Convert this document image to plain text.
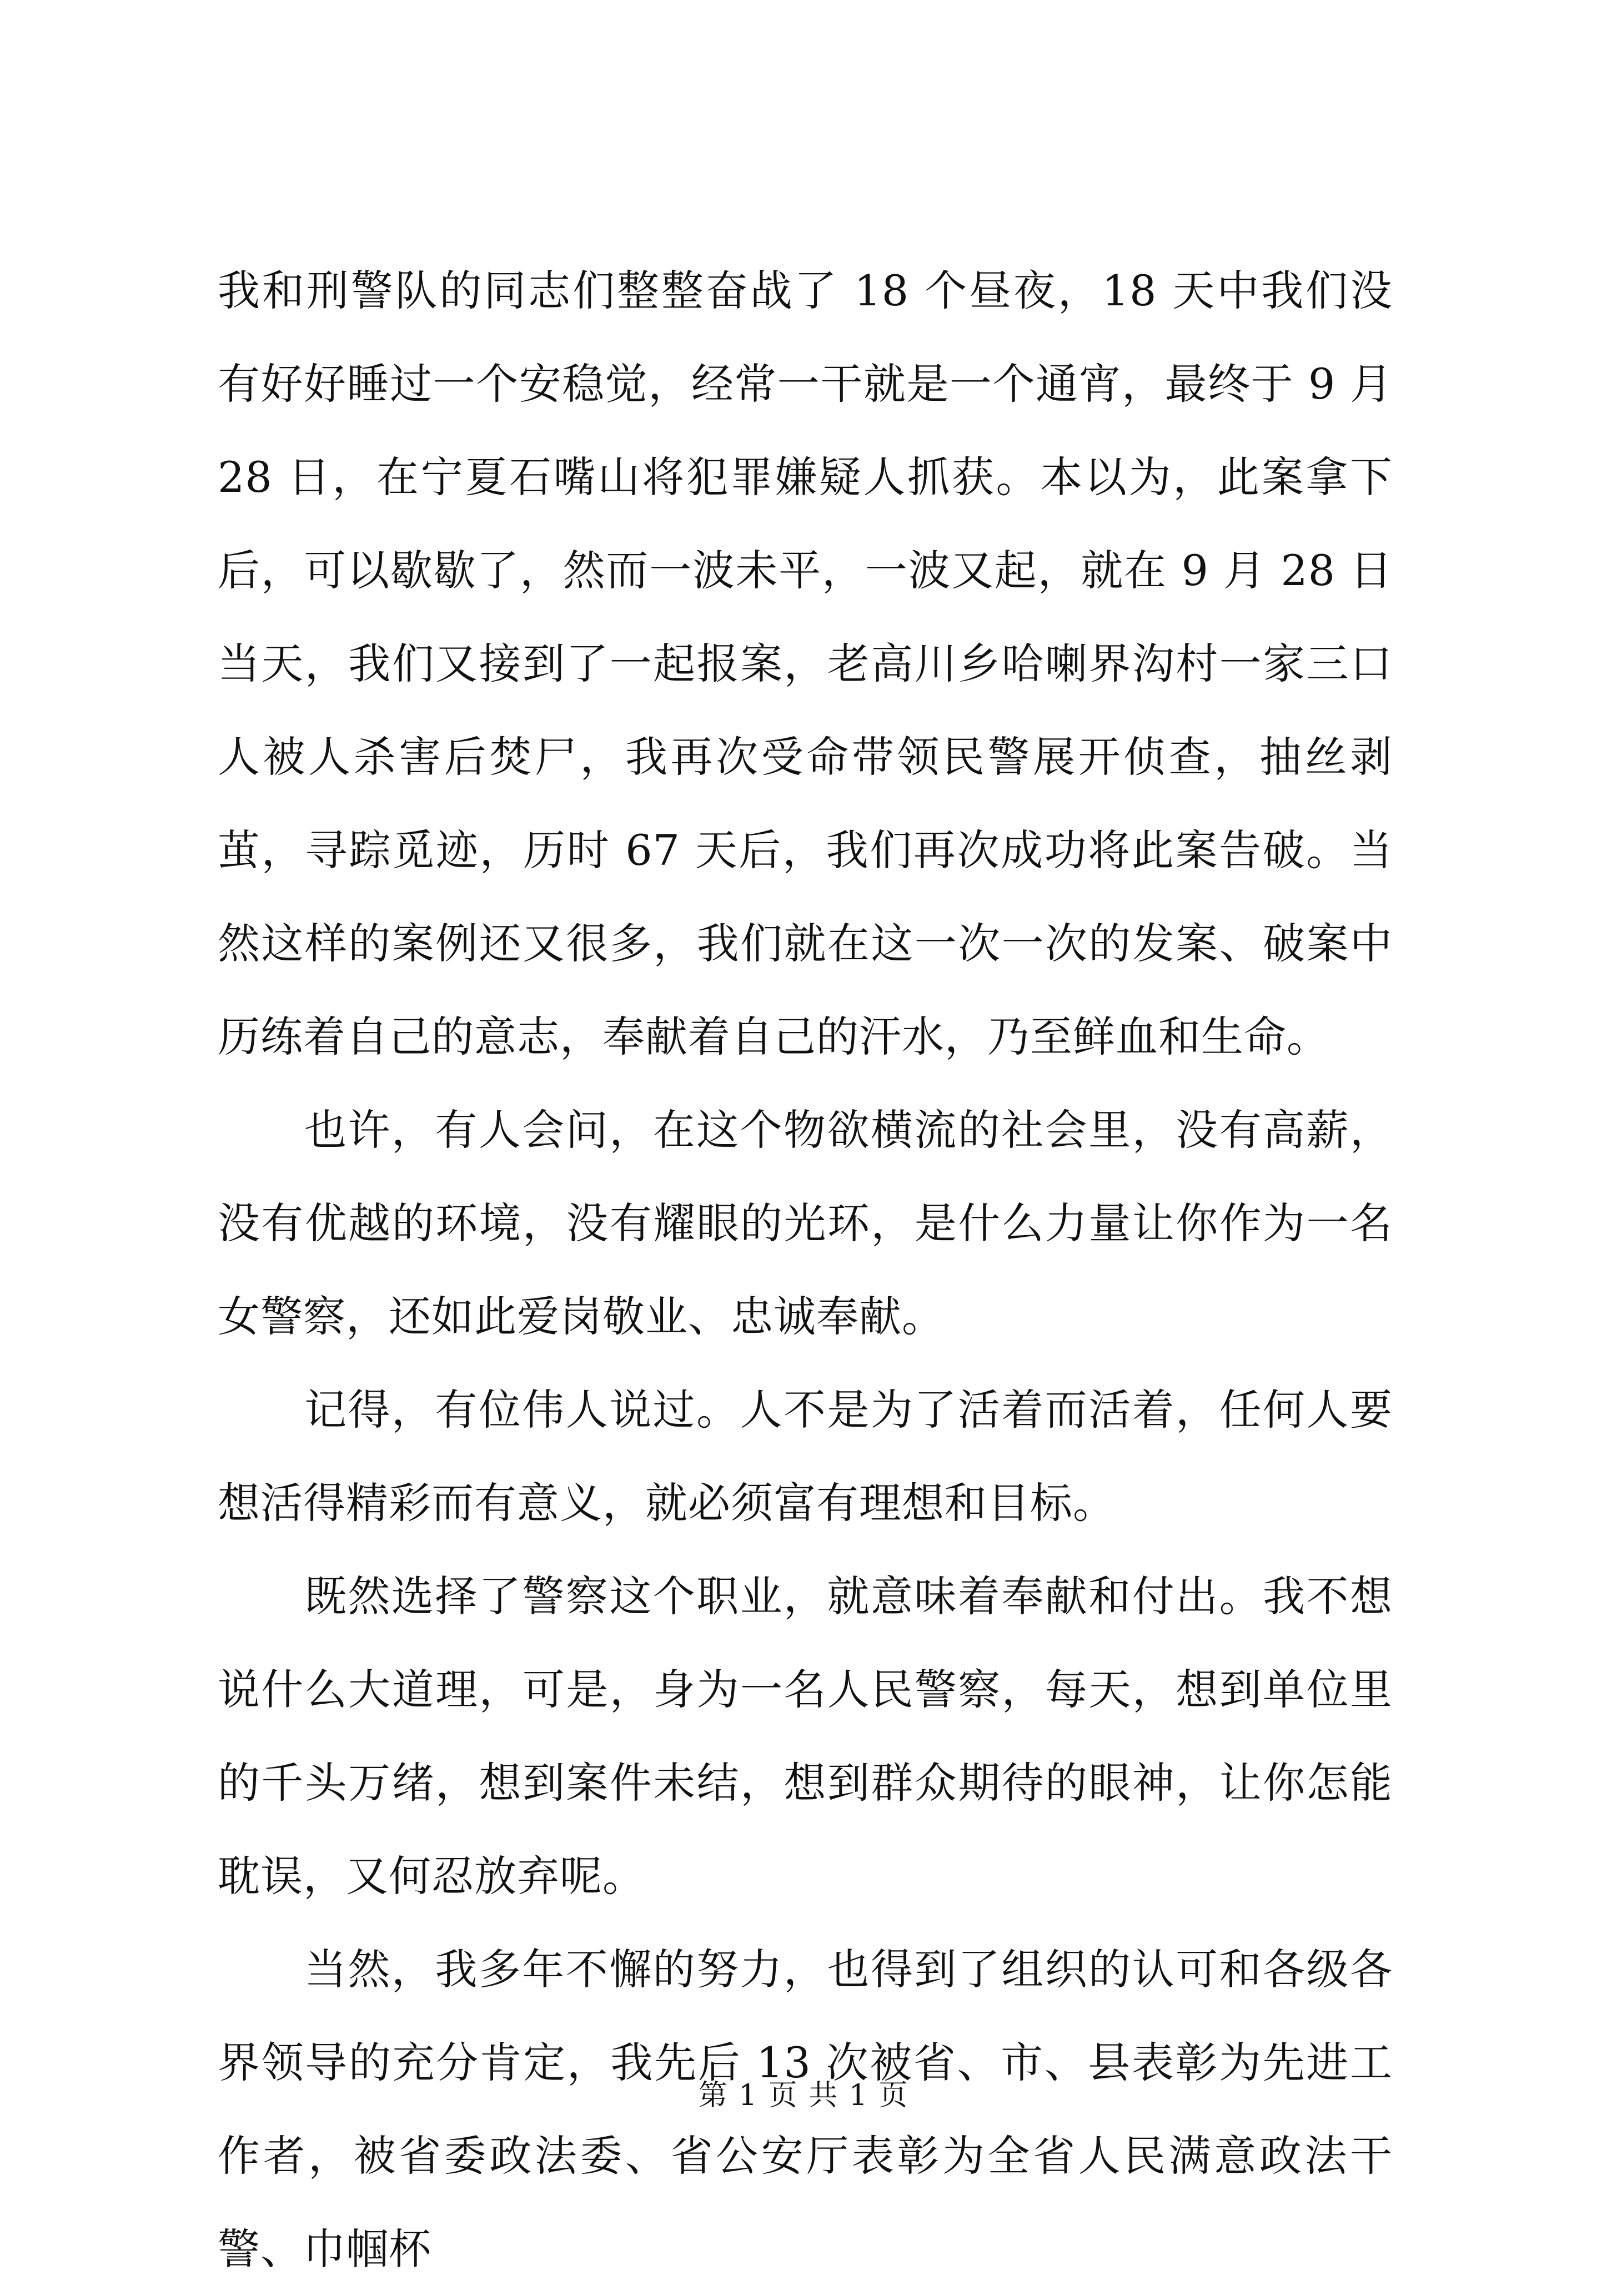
我和刑警队的同志们整整奋战了 18 个昼夜，18 天中我们没有好好睡过一个安稳觉，经常一干就是一个通宵，最终于 9 月 28 日，在宁夏石嘴山将犯罪嫌疑人抓获。本以为，此案拿下后，可以歇歇了，然而一波未平，一波又起，就在 9 月 28 日当天，我们又接到了一起报案，老高川乡哈喇界沟村一家三口人被人杀害后焚尸，我再次受命带领民警展开侦查，抽丝剥茧，寻踪觅迹，历时 67 天后，我们再次成功将此案告破。当然这样的案例还又很多，我们就在这一次一次的发案、破案中历练着自己的意志，奉献着自己的汗水，乃至鲜血和生命。

也许，有人会问，在这个物欲横流的社会里，没有高薪，没有优越的环境，没有耀眼的光环，是什么力量让你作为一名女警察，还如此爱岗敬业、忠诚奉献。

记得，有位伟人说过。人不是为了活着而活着，任何人要想活得精彩而有意义，就必须富有理想和目标。

既然选择了警察这个职业，就意味着奉献和付出。我不想说什么大道理，可是，身为一名人民警察，每天，想到单位里的千头万绪，想到案件未结，想到群众期待的眼神，让你怎能耽误，又何忍放弃呢。

当然，我多年不懈的努力，也得到了组织的认可和各级各界领导的充分肯定，我先后 13 次被省、市、县表彰为先进工作者，被省委政法委、省公安厅表彰为全省人民满意政法干警、巾帼杯

第 1 页 共 1 页
